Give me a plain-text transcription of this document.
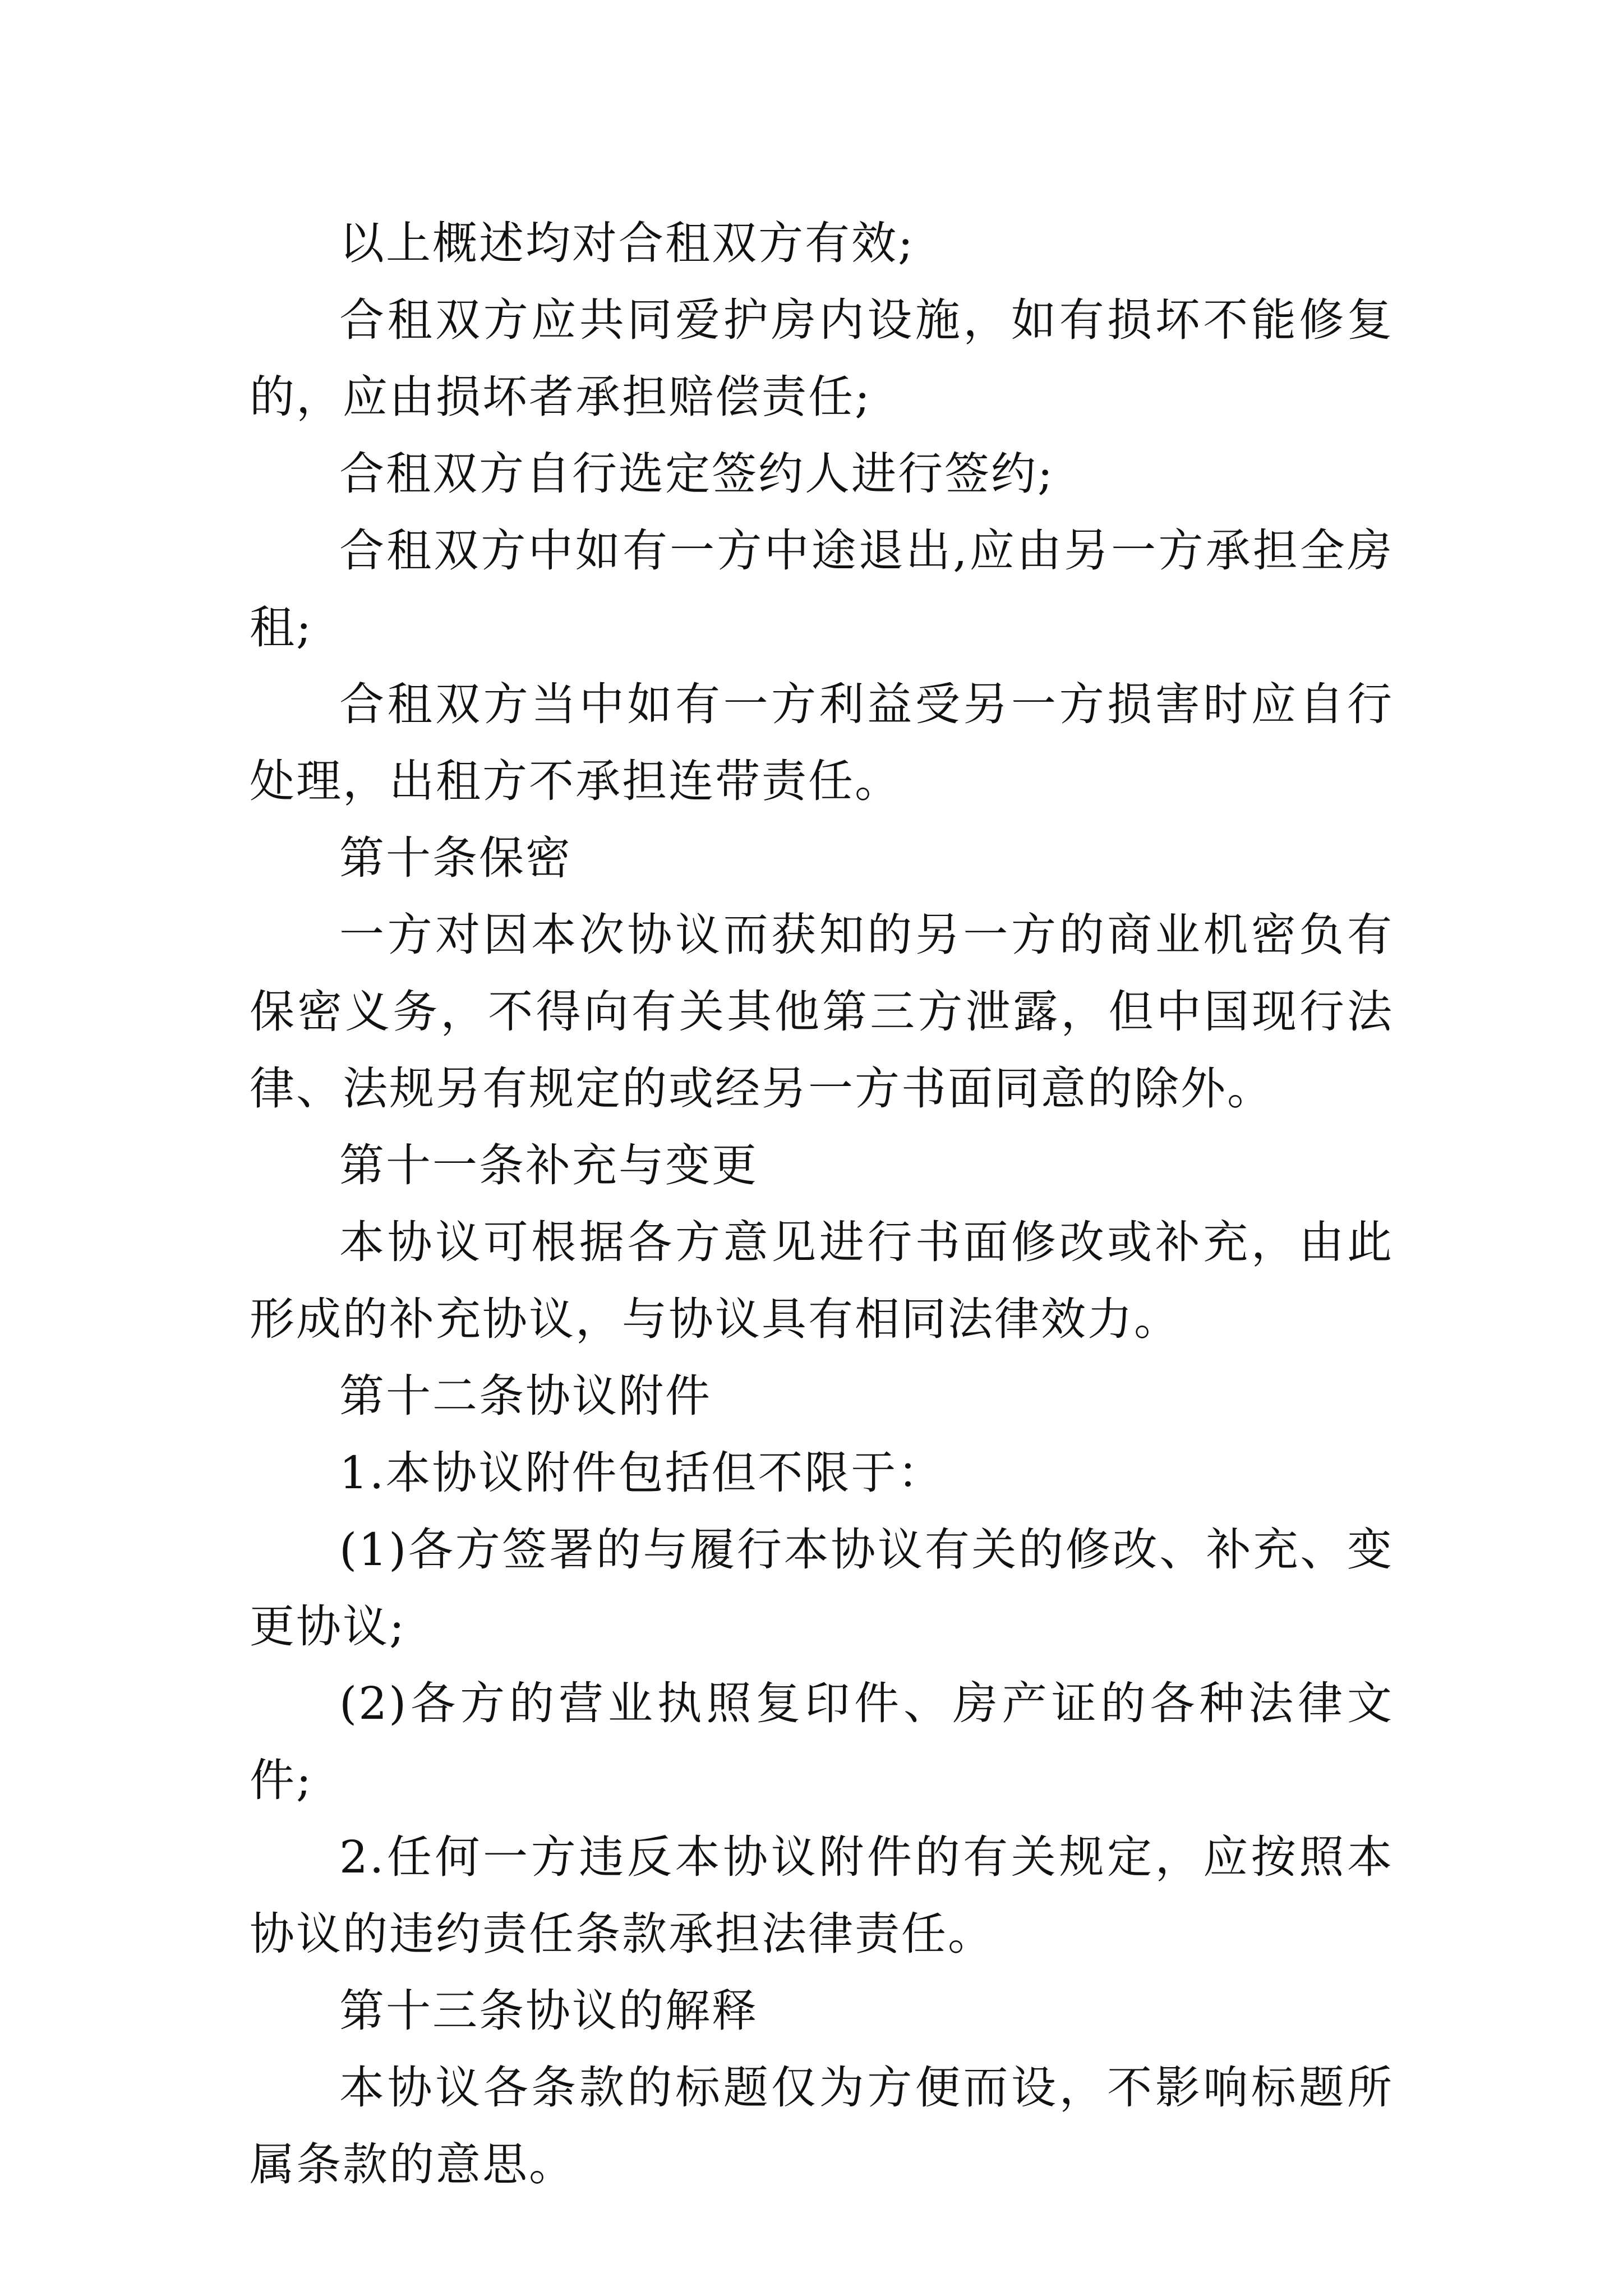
以上概述均对合租双方有效;

合租双方应共同爱护房内设施，如有损坏不能修复的，应由损坏者承担赔偿责任;

合租双方自行选定签约人进行签约;

合租双方中如有一方中途退出,应由另一方承担全房租;

合租双方当中如有一方利益受另一方损害时应自行处理，出租方不承担连带责任。

第十条保密

一方对因本次协议而获知的另一方的商业机密负有保密义务，不得向有关其他第三方泄露，但中国现行法律、法规另有规定的或经另一方书面同意的除外。

第十一条补充与变更

本协议可根据各方意见进行书面修改或补充，由此形成的补充协议，与协议具有相同法律效力。

第十二条协议附件

1.本协议附件包括但不限于：

(1)各方签署的与履行本协议有关的修改、补充、变更协议;

(2)各方的营业执照复印件、房产证的各种法律文件;

2.任何一方违反本协议附件的有关规定，应按照本协议的违约责任条款承担法律责任。

第十三条协议的解释

本协议各条款的标题仅为方便而设，不影响标题所属条款的意思。
